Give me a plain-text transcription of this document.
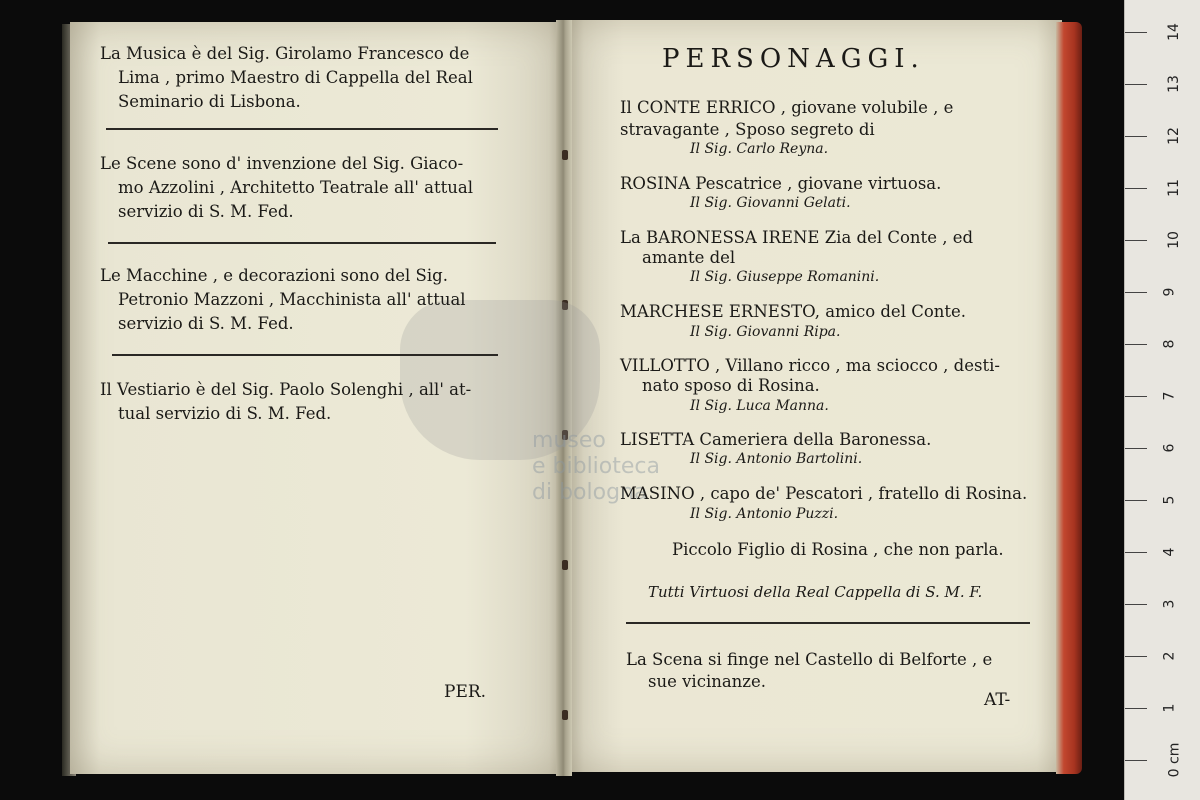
museo
e biblioteca
di bologna
La Musica è del Sig. Girolamo Francesco de
Lima , primo Maestro di Cappella del Real
Seminario di Lisbona.
Le Scene sono d' invenzione del Sig. Giaco-
mo Azzolini , Architetto Teatrale all' attual
servizio di S. M. Fed.
Le Macchine , e decorazioni sono del Sig.
Petronio Mazzoni , Macchinista all' attual
servizio di S. M. Fed.
Il Vestiario è del Sig. Paolo Solenghi , all' at-
tual servizio di S. M. Fed.
PER.
PERSONAGGI.
Il CONTE ERRICO , giovane volubile , e
stravagante , Sposo segreto di
Il Sig. Carlo Reyna.
ROSINA Pescatrice , giovane virtuosa.
Il Sig. Giovanni Gelati.
La BARONESSA IRENE Zia del Conte , ed
amante del
Il Sig. Giuseppe Romanini.
MARCHESE ERNESTO, amico del Conte.
Il Sig. Giovanni Ripa.
VILLOTTO , Villano ricco , ma sciocco , desti-
nato sposo di Rosina.
Il Sig. Luca Manna.
LISETTA Cameriera della Baronessa.
Il Sig. Antonio Bartolini.
MASINO , capo de' Pescatori , fratello di Rosina.
Il Sig. Antonio Puzzi.
Piccolo Figlio di Rosina , che non parla.
Tutti Virtuosi della Real Cappella di S. M. F.
La Scena si finge nel Castello di Belforte , e
sue vicinanze.
AT-
14
13
12
11
10
9
8
7
6
5
4
3
2
1
0 cm
